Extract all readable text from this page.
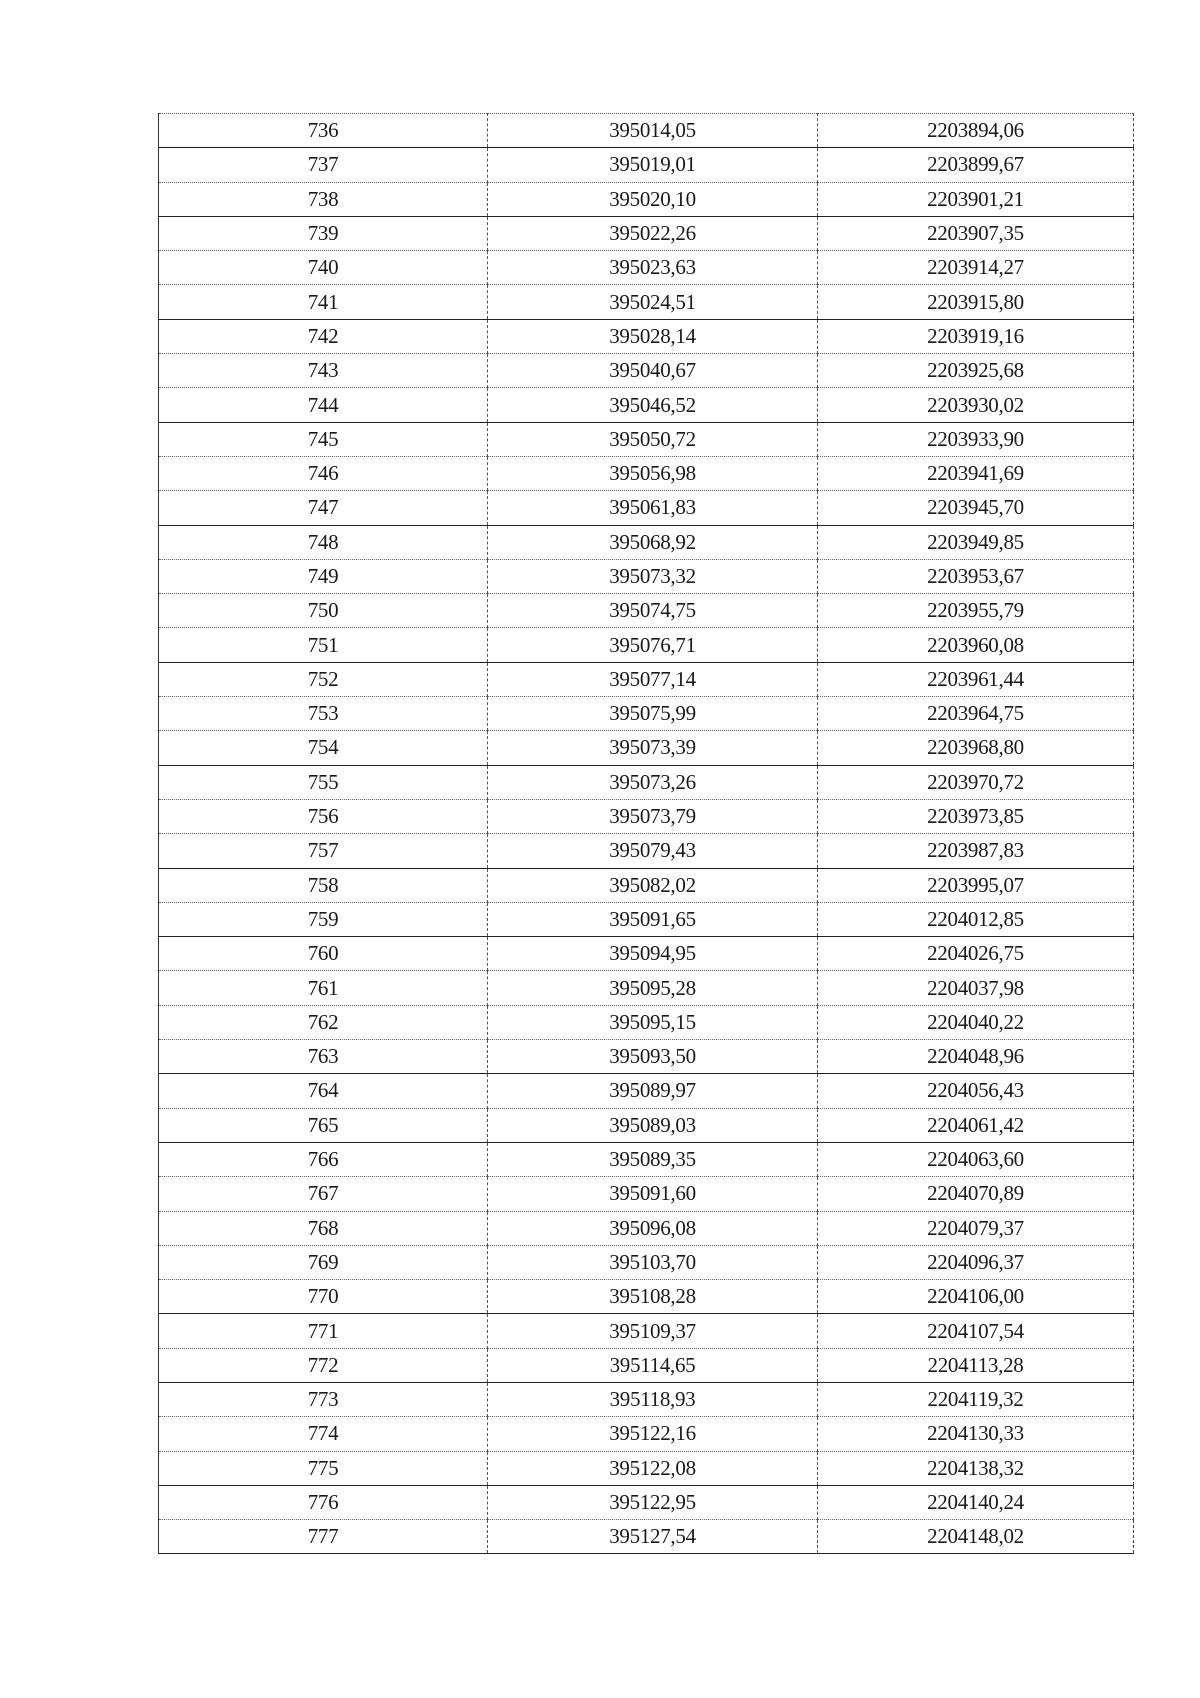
736	395014,05	2203894,06
737	395019,01	2203899,67
738	395020,10	2203901,21
739	395022,26	2203907,35
740	395023,63	2203914,27
741	395024,51	2203915,80
742	395028,14	2203919,16
743	395040,67	2203925,68
744	395046,52	2203930,02
745	395050,72	2203933,90
746	395056,98	2203941,69
747	395061,83	2203945,70
748	395068,92	2203949,85
749	395073,32	2203953,67
750	395074,75	2203955,79
751	395076,71	2203960,08
752	395077,14	2203961,44
753	395075,99	2203964,75
754	395073,39	2203968,80
755	395073,26	2203970,72
756	395073,79	2203973,85
757	395079,43	2203987,83
758	395082,02	2203995,07
759	395091,65	2204012,85
760	395094,95	2204026,75
761	395095,28	2204037,98
762	395095,15	2204040,22
763	395093,50	2204048,96
764	395089,97	2204056,43
765	395089,03	2204061,42
766	395089,35	2204063,60
767	395091,60	2204070,89
768	395096,08	2204079,37
769	395103,70	2204096,37
770	395108,28	2204106,00
771	395109,37	2204107,54
772	395114,65	2204113,28
773	395118,93	2204119,32
774	395122,16	2204130,33
775	395122,08	2204138,32
776	395122,95	2204140,24
777	395127,54	2204148,02
